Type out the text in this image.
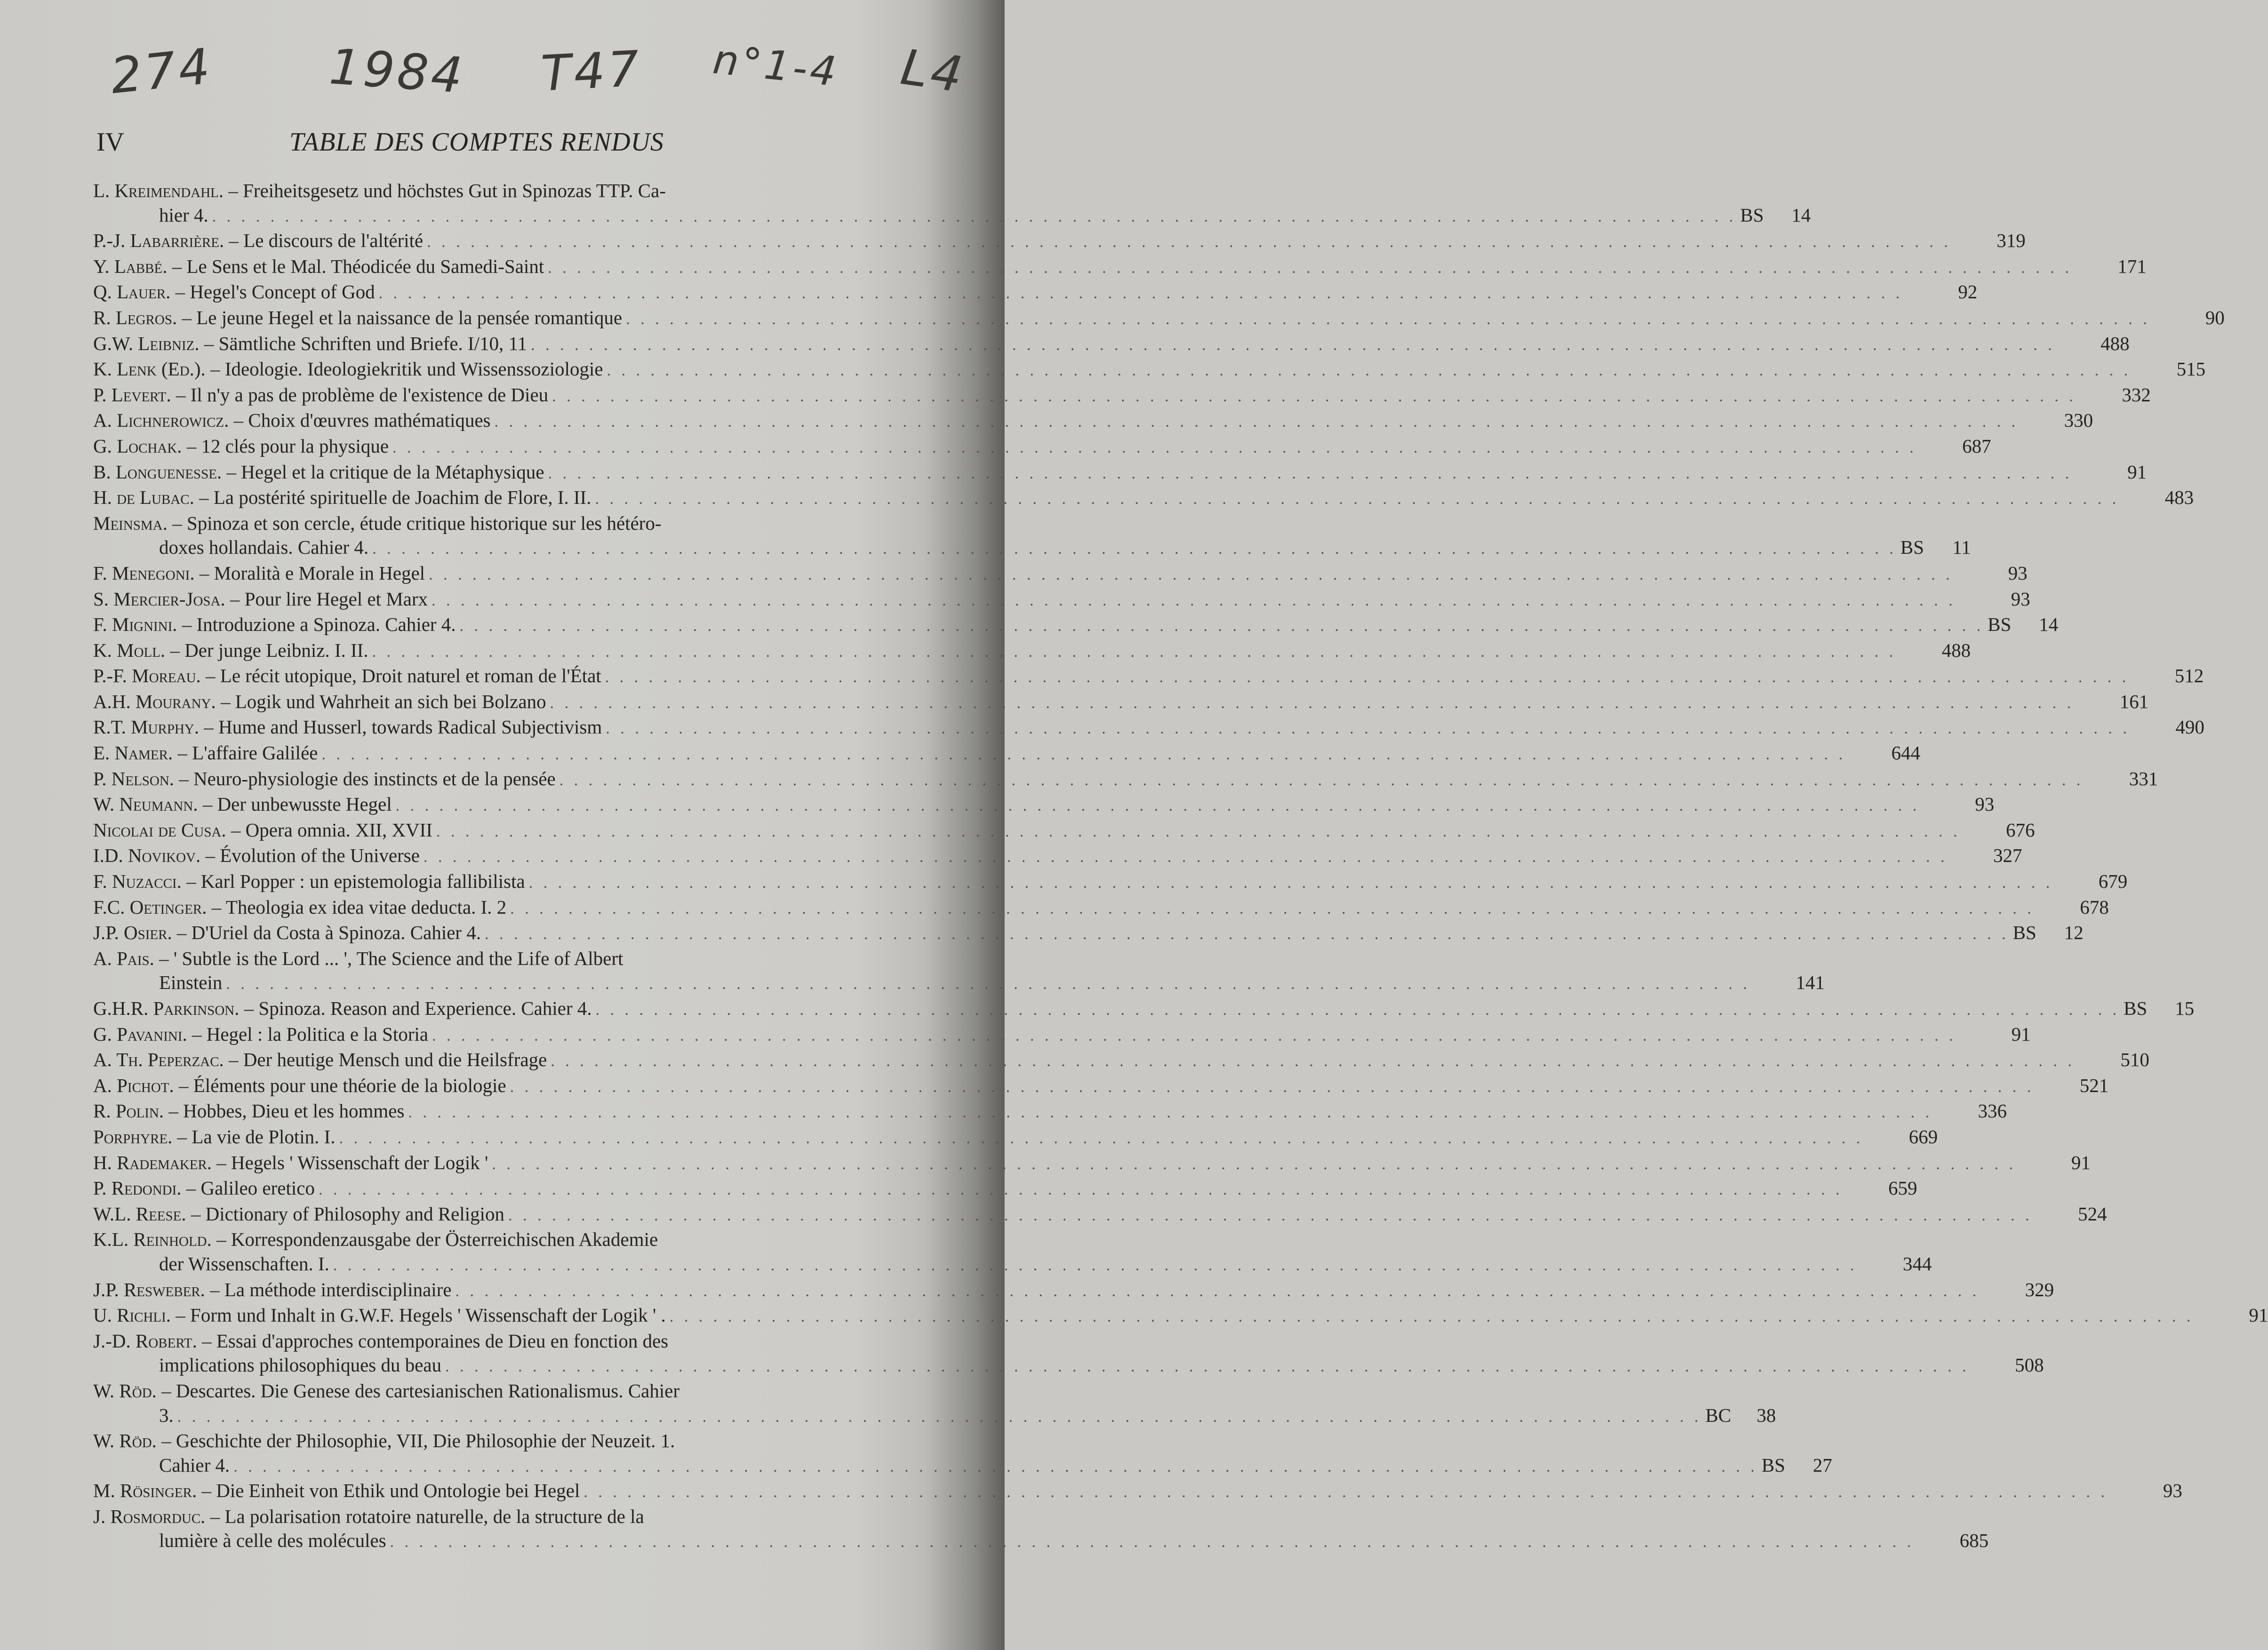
274 1984 T47 n°1-4 L4
IV	TABLE DES COMPTES RENDUS
L. Kreimendahl. – Freiheitsgesetz und höchstes Gut in Spinozas TTP. Ca-
hier 4. . . .	BS	14
P.-J. Labarrière. – Le discours de l'altérité . . .	319
Y. Labbé. – Le Sens et le Mal. Théodicée du Samedi-Saint . . .	171
Q. Lauer. – Hegel's Concept of God . . .	92
R. Legros. – Le jeune Hegel et la naissance de la pensée romantique . . .	90
G.W. Leibniz. – Sämtliche Schriften und Briefe. I/10, 11 . . .	488
K. Lenk (Ed.). – Ideologie. Ideologiekritik und Wissenssoziologie . . .	515
P. Levert. – Il n'y a pas de problème de l'existence de Dieu . . .	332
A. Lichnerowicz. – Choix d'œuvres mathématiques . . .	330
G. Lochak. – 12 clés pour la physique . . .	687
B. Longuenesse. – Hegel et la critique de la Métaphysique . . .	91
H. de Lubac. – La postérité spirituelle de Joachim de Flore, I. II. . . .	483
Meinsma. – Spinoza et son cercle, étude critique historique sur les hétéro-
doxes hollandais. Cahier 4. . . .	BS	11
F. Menegoni. – Moralità e Morale in Hegel . . .	93
S. Mercier-Josa. – Pour lire Hegel et Marx . . .	93
F. Mignini. – Introduzione a Spinoza. Cahier 4. . . .	BS	14
K. Moll. – Der junge Leibniz. I. II. . . .	488
P.-F. Moreau. – Le récit utopique, Droit naturel et roman de l'État . . .	512
A.H. Mourany. – Logik und Wahrheit an sich bei Bolzano . . .	161
R.T. Murphy. – Hume and Husserl, towards Radical Subjectivism . . .	490
E. Namer. – L'affaire Galilée . . .	644
P. Nelson. – Neuro-physiologie des instincts et de la pensée . . .	331
W. Neumann. – Der unbewusste Hegel . . .	93
Nicolai de Cusa. – Opera omnia. XII, XVII . . .	676
I.D. Novikov. – Évolution of the Universe . . .	327
F. Nuzacci. – Karl Popper : un epistemologia fallibilista . . .	679
F.C. Oetinger. – Theologia ex idea vitae deducta. I. 2 . . .	678
J.P. Osier. – D'Uriel da Costa à Spinoza. Cahier 4. . . .	BS	12
A. Pais. – ' Subtle is the Lord ... ', The Science and the Life of Albert
Einstein . . .	141
G.H.R. Parkinson. – Spinoza. Reason and Experience. Cahier 4. . . .	BS	15
G. Pavanini. – Hegel : la Politica e la Storia . . .	91
A. Th. Peperzac. – Der heutige Mensch und die Heilsfrage . . .	510
A. Pichot. – Éléments pour une théorie de la biologie . . .	521
R. Polin. – Hobbes, Dieu et les hommes . . .	336
Porphyre. – La vie de Plotin. I. . . .	669
H. Rademaker. – Hegels ' Wissenschaft der Logik ' . . .	91
P. Redondi. – Galileo eretico . . .	659
W.L. Reese. – Dictionary of Philosophy and Religion . . .	524
K.L. Reinhold. – Korrespondenzausgabe der Österreichischen Akademie
der Wissenschaften. I. . . .	344
J.P. Resweber. – La méthode interdisciplinaire . . .	329
U. Richli. – Form und Inhalt in G.W.F. Hegels ' Wissenschaft der Logik ' . . . .	91
J.-D. Robert. – Essai d'approches contemporaines de Dieu en fonction des
implications philosophiques du beau . . .	508
W. Röd. – Descartes. Die Genese des cartesianischen Rationalismus. Cahier
3. . . .	BC	38
W. Röd. – Geschichte der Philosophie, VII, Die Philosophie der Neuzeit. 1.
Cahier 4. . . .	BS	27
M. Rösinger. – Die Einheit von Ethik und Ontologie bei Hegel . . .	93
J. Rosmorduc. – La polarisation rotatoire naturelle, de la structure de la
lumière à celle des molécules . . .	685
